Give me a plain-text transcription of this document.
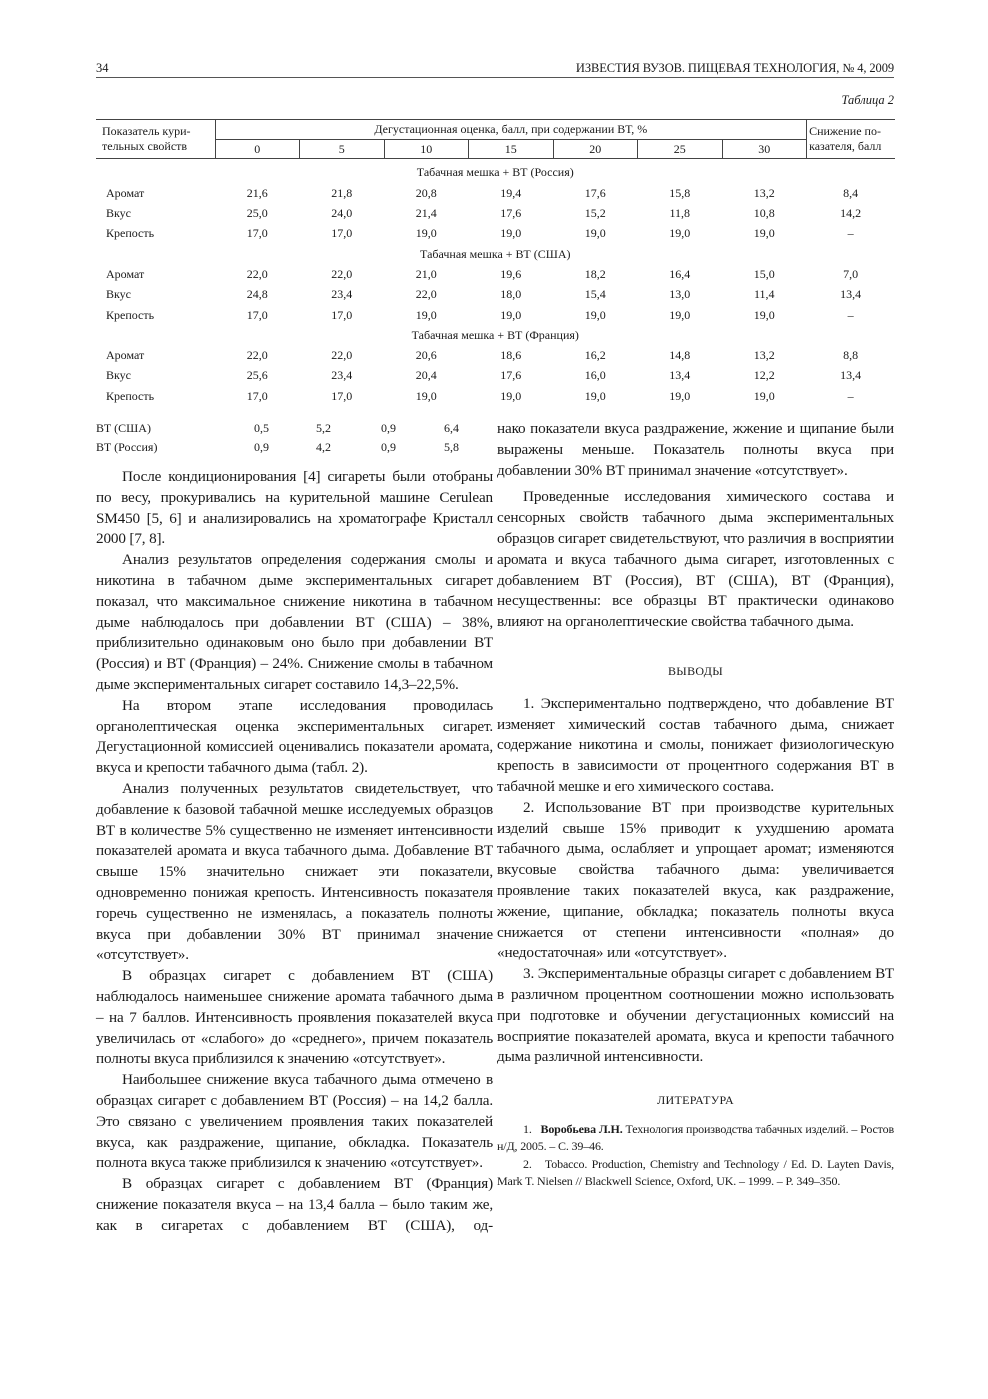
34	ИЗВЕСТИЯ ВУЗОВ. ПИЩЕВАЯ ТЕХНОЛОГИЯ, № 4, 2009
Таблица 2
Показатель кури-
тельных свойств	Дегустационная оценка, балл, при содержании ВТ, %							Снижение по-
казателя, балл
	0	5	10	15	20	25	30	
Табачная мешка + ВТ (Россия)								
Аромат	21,6	21,8	20,8	19,4	17,6	15,8	13,2	8,4
Вкус	25,0	24,0	21,4	17,6	15,2	11,8	10,8	14,2
Крепость	17,0	17,0	19,0	19,0	19,0	19,0	19,0	–
Табачная мешка + ВТ (США)								
Аромат	22,0	22,0	21,0	19,6	18,2	16,4	15,0	7,0
Вкус	24,8	23,4	22,0	18,0	15,4	13,0	11,4	13,4
Крепость	17,0	17,0	19,0	19,0	19,0	19,0	19,0	–
Табачная мешка + ВТ (Франция)								
Аромат	22,0	22,0	20,6	18,6	16,2	14,8	13,2	8,8
Вкус	25,6	23,4	20,4	17,6	16,0	13,4	12,2	13,4
Крепость	17,0	17,0	19,0	19,0	19,0	19,0	19,0	–
ВТ (США)	0,5	5,2	0,9	6,4
ВТ (Россия)	0,9	4,2	0,9	5,8

После кондиционирования [4] сигареты были отобраны по весу, прокуривались на курительной машине Cerulean SM450 [5, 6] и анализировались на хроматографе Кристалл 2000 [7, 8].

Анализ результатов определения содержания смолы и никотина в табачном дыме экспериментальных сигарет показал, что максимальное снижение никотина в табачном дыме наблюдалось при добавлении ВТ (США) – 38%, приблизительно одинаковым оно было при добавлении ВТ (Россия) и ВТ (Франция) – 24%. Снижение смолы в табачном дыме экспериментальных сигарет составило 14,3–22,5%.

На втором этапе исследования проводилась органолептическая оценка экспериментальных сигарет. Дегустационной комиссией оценивались показатели аромата, вкуса и крепости табачного дыма (табл. 2).

Анализ полученных результатов свидетельствует, что добавление к базовой табачной мешке исследуемых образцов ВТ в количестве 5% существенно не изменяет интенсивности показателей аромата и вкуса табачного дыма. Добавление ВТ свыше 15% значительно снижает эти показатели, одновременно понижая крепость. Интенсивность показателя горечь существенно не изменялась, а показатель полноты вкуса при добавлении 30% ВТ принимал значение «отсутствует».

В образцах сигарет с добавлением ВТ (США) наблюдалось наименьшее снижение аромата табачного дыма – на 7 баллов. Интенсивность проявления показателей вкуса увеличилась от «слабого» до «среднего», причем показатель полноты вкуса приблизился к значению «отсутствует».

Наибольшее снижение вкуса табачного дыма отмечено в образцах сигарет с добавлением ВТ (Россия) – на 14,2 балла. Это связано с увеличением проявления таких показателей вкуса, как раздражение, щипание, обкладка. Показатель полнота вкуса также приблизился к значению «отсутствует».

В образцах сигарет с добавлением ВТ (Франция) снижение показателя вкуса – на 13,4 балла – было таким же, как в сигаретах с добавлением ВТ (США), од-

нако показатели вкуса раздражение, жжение и щипание были выражены меньше. Показатель полноты вкуса при добавлении 30% ВТ принимал значение «отсутствует».

Проведенные исследования химического состава и сенсорных свойств табачного дыма экспериментальных образцов сигарет свидетельствуют, что различия в восприятии аромата и вкуса табачного дыма сигарет, изготовленных с добавлением ВТ (Россия), ВТ (США), ВТ (Франция), несущественны: все образцы ВТ практически одинаково влияют на органолептические свойства табачного дыма.

ВЫВОДЫ

1. Экспериментально подтверждено, что добавление ВТ изменяет химический состав табачного дыма, снижает содержание никотина и смолы, понижает физиологическую крепость в зависимости от процентного содержания ВТ в табачной мешке и его химического состава.

2. Использование ВТ при производстве курительных изделий свыше 15% приводит к ухудшению аромата табачного дыма, ослабляет и упрощает аромат; изменяются вкусовые свойства табачного дыма: увеличивается проявление таких показателей вкуса, как раздражение, жжение, щипание, обкладка; показатель полноты вкуса снижается от степени интенсивности «полная» до «недостаточная» или «отсутствует».

3. Экспериментальные образцы сигарет с добавлением ВТ в различном процентном соотношении можно использовать при подготовке и обучении дегустационных комиссий на восприятие показателей аромата, вкуса и крепости табачного дыма различной интенсивности.

ЛИТЕРАТУРА

1. Воробьева Л.Н. Технология производства табачных изделий. – Ростов н/Д, 2005. – С. 39–46.

2. Tobacco. Production, Chemistry and Technology / Ed. D. Layten Davis, Mark T. Nielsen // Blackwell Science, Oxford, UK. – 1999. – P. 349–350.
